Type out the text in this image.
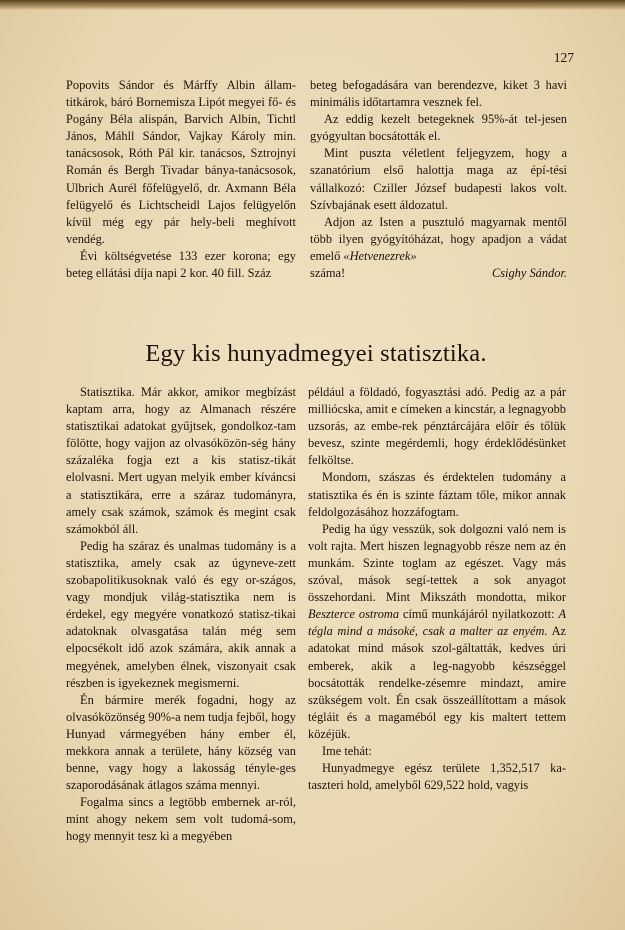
127

Popovits Sándor és Márffy Albin állam-titkárok, báró Bornemisza Lipót megyei fő- és Pogány Béla alispán, Barvich Albin, Tichtl János, Máhll Sándor, Vajkay Károly min. tanácsosok, Róth Pál kir. tanácsos, Sztrojnyi Román és Bergh Tivadar bánya-tanácsosok, Ulbrich Aurél főfelügyelő, dr. Axmann Béla felügyelő és Lichtscheidl Lajos felügyelőn kívül még egy pár hely-beli meghívott vendég.

Évi költségvetése 133 ezer korona; egy beteg ellátási díja napi 2 kor. 40 fill. Száz

beteg befogadására van berendezve, kiket 3 havi minimális időtartamra vesznek fel.

Az eddig kezelt betegeknek 95%-át tel-jesen gyógyultan bocsátották el.

Mint puszta véletlent feljegyzem, hogy a szanatórium első halottja maga az épí-tési vállalkozó: Cziller József budapesti lakos volt. Szívbajának esett áldozatul.

Adjon az Isten a pusztuló magyarnak mentől több ilyen gyógyítóházat, hogy apadjon a vádat emelő «Hetvenezrek»
száma!	Csighy Sándor.
Egy kis hunyadmegyei statisztika.

Statisztika. Már akkor, amikor megbízást kaptam arra, hogy az Almanach részére statisztikai adatokat gyűjtsek, gondolkoz-tam fölötte, hogy vajjon az olvasóközön-ség hány százaléka fogja ezt a kis statisz-tikát elolvasni. Mert ugyan melyik ember kíváncsi a statisztikára, erre a száraz tudományra, amely csak számok, számok és megint csak számokból áll.

Pedig ha száraz és unalmas tudomány is a statisztika, amely csak az úgyneve-zett szobapolitikusoknak való és egy or-szágos, vagy mondjuk világ-statisztika nem is érdekel, egy megyére vonatkozó statisz-tikai adatoknak olvasgatása talán még sem elpocsékolt idő azok számára, akik annak a megyének, amelyben élnek, viszonyait csak részben is igyekeznek megismerni.

Én bármire merék fogadni, hogy az olvasóközönség 90%-a nem tudja fejből, hogy Hunyad vármegyében hány ember él, mekkora annak a területe, hány község van benne, vagy hogy a lakosság tényle-ges szaporodásának átlagos száma mennyi.

Fogalma sincs a legtöbb embernek ar-ról, mint ahogy nekem sem volt tudomá-som, hogy mennyit tesz ki a megyében

például a földadó, fogyasztási adó. Pedig az a pár milliócska, amit e címeken a kincstár, a legnagyobb uzsorás, az embe-rek pénztárcájára előír és tőlük bevesz, szinte megérdemli, hogy érdeklődésünket felköltse.

Mondom, szászas és érdektelen tudomány a statisztika és én is szinte fáztam tőle, mikor annak feldolgozásához hozzáfogtam.

Pedig ha úgy vesszük, sok dolgozni való nem is volt rajta. Mert hiszen legnagyobb része nem az én munkám. Szinte toglam az egészet. Vagy más szóval, mások segí-tettek a sok anyagot összehordani. Mint Mikszáth mondotta, mikor Beszterce ostroma című munkájáról nyilatkozott: A tégla mind a másoké, csak a malter az enyém. Az adatokat mind mások szol-gáltatták, kedves úri emberek, akik a leg-nagyobb készséggel bocsátották rendelke-zésemre mindazt, amire szükségem volt. Én csak összeállítottam a mások tégláit és a magaméból egy kis maltert tettem közéjük.

Ime tehát:

Hunyadmegye egész területe 1,352,517 ka-taszteri hold, amelyből 629,522 hold, vagyis
